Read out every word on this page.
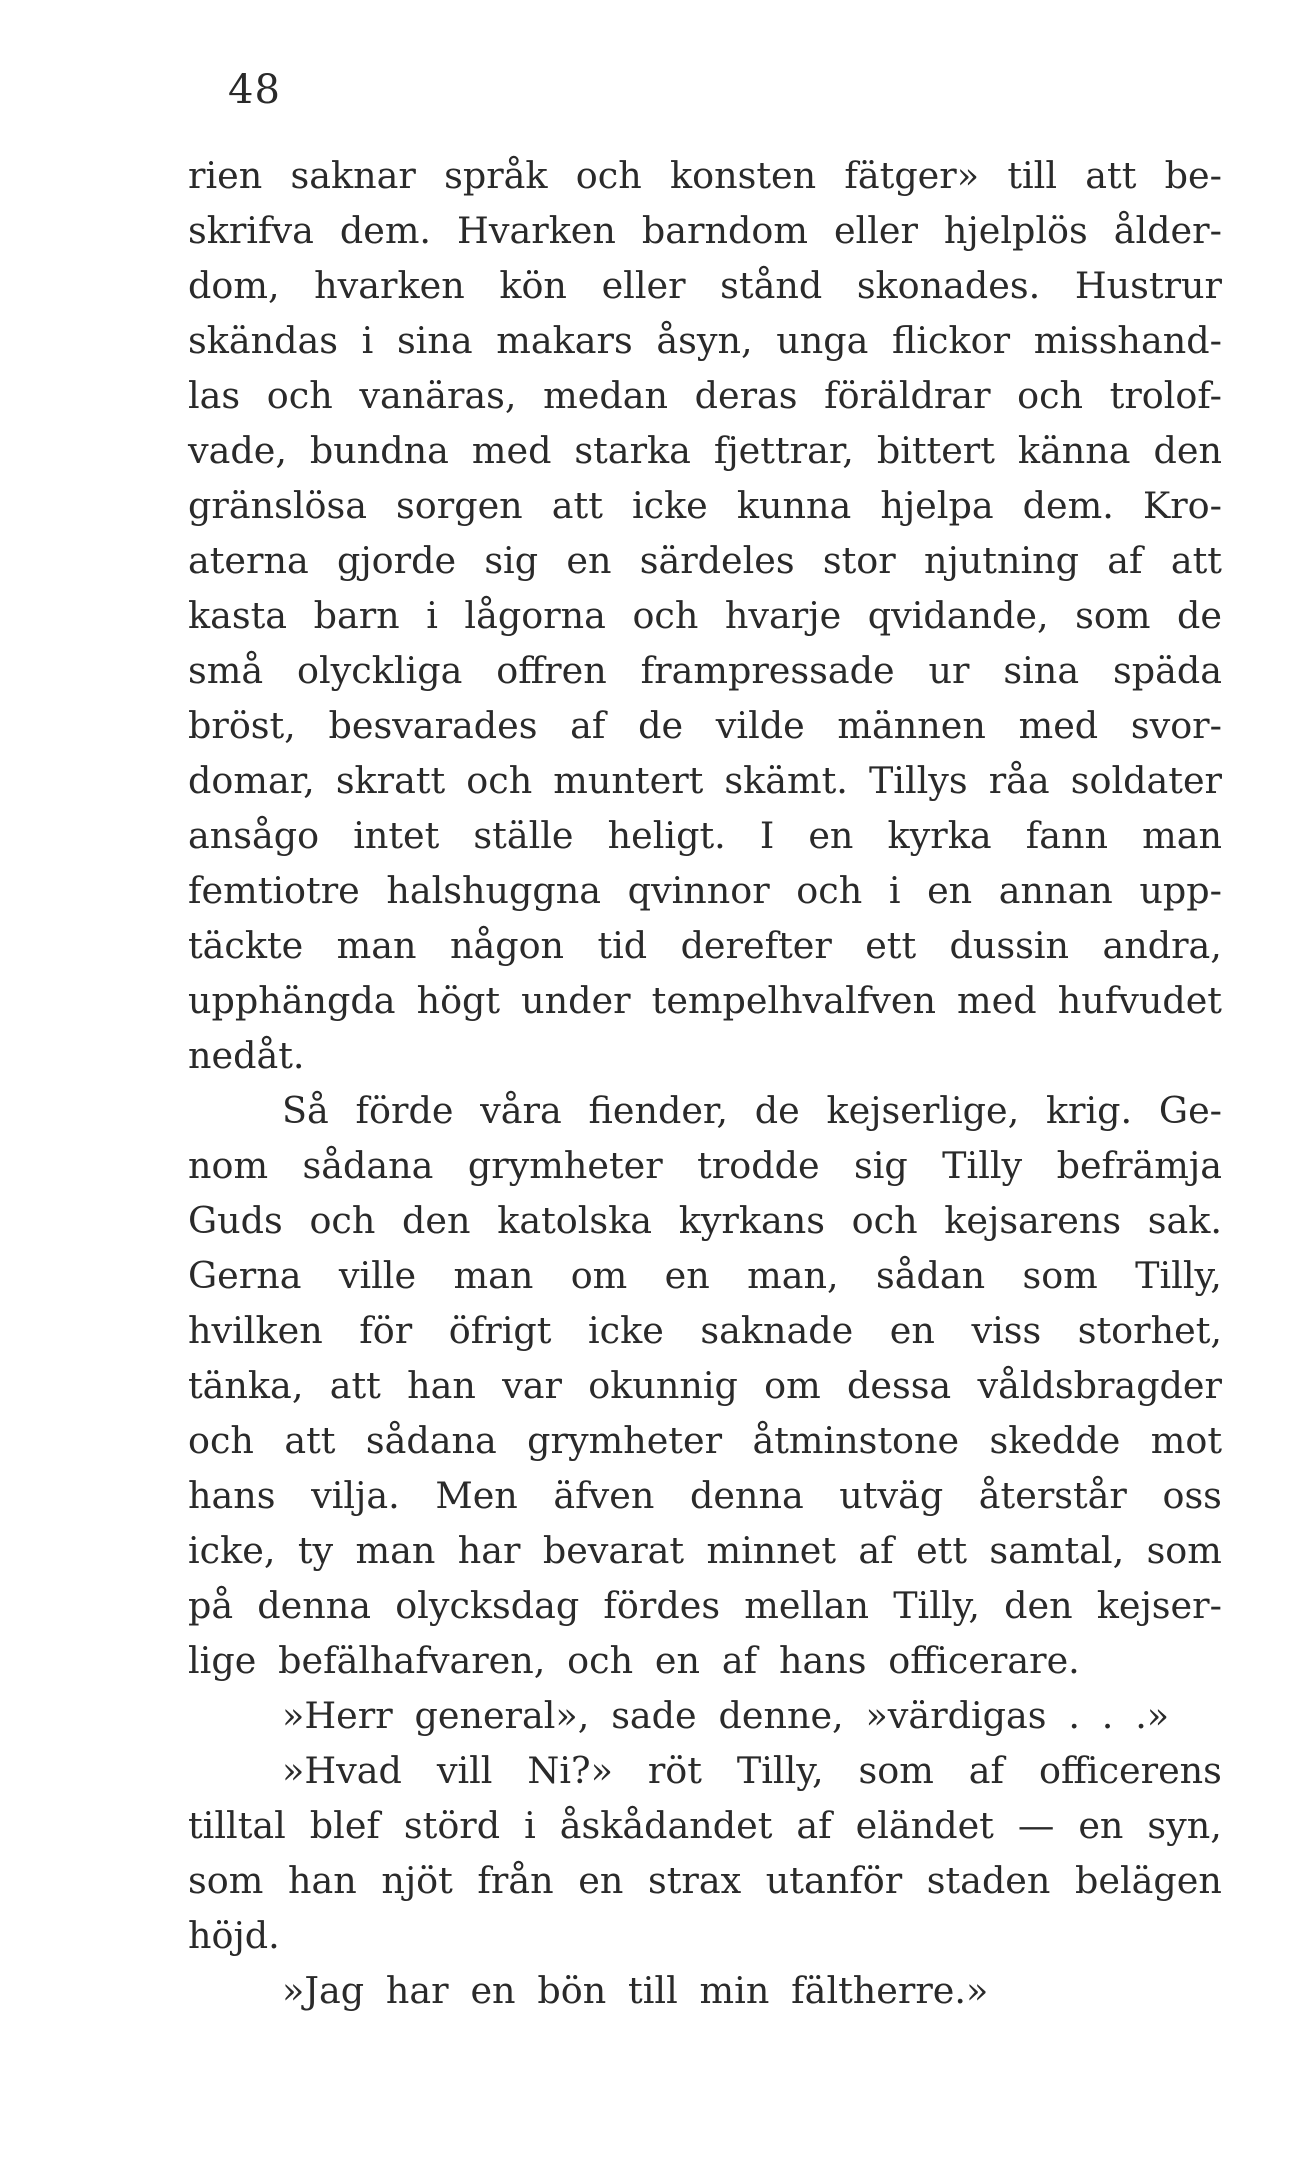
48
rien saknar språk och konsten fätger» till att be-
skrifva dem. Hvarken barndom eller hjelplös ålder-
dom, hvarken kön eller stånd skonades. Hustrur
skändas i sina makars åsyn, unga flickor misshand-
las och vanäras, medan deras föräldrar och trolof-
vade, bundna med starka fjettrar, bittert känna den
gränslösa sorgen att icke kunna hjelpa dem. Kro-
aterna gjorde sig en särdeles stor njutning af att
kasta barn i lågorna och hvarje qvidande, som de
små olyckliga offren frampressade ur sina späda
bröst, besvarades af de vilde männen med svor-
domar, skratt och muntert skämt. Tillys råa soldater
ansågo intet ställe heligt. I en kyrka fann man
femtiotre halshuggna qvinnor och i en annan upp-
täckte man någon tid derefter ett dussin andra,
upphängda högt under tempelhvalfven med hufvudet
nedåt.
Så förde våra fiender, de kejserlige, krig. Ge-
nom sådana grymheter trodde sig Tilly befrämja
Guds och den katolska kyrkans och kejsarens sak.
Gerna ville man om en man, sådan som Tilly,
hvilken för öfrigt icke saknade en viss storhet,
tänka, att han var okunnig om dessa våldsbragder
och att sådana grymheter åtminstone skedde mot
hans vilja. Men äfven denna utväg återstår oss
icke, ty man har bevarat minnet af ett samtal, som
på denna olycksdag fördes mellan Tilly, den kejser-
lige befälhafvaren, och en af hans officerare.
»Herr general», sade denne, »värdigas . . .»
»Hvad vill Ni?» röt Tilly, som af officerens
tilltal blef störd i åskådandet af eländet — en syn,
som han njöt från en strax utanför staden belägen
höjd.
»Jag har en bön till min fältherre.»
